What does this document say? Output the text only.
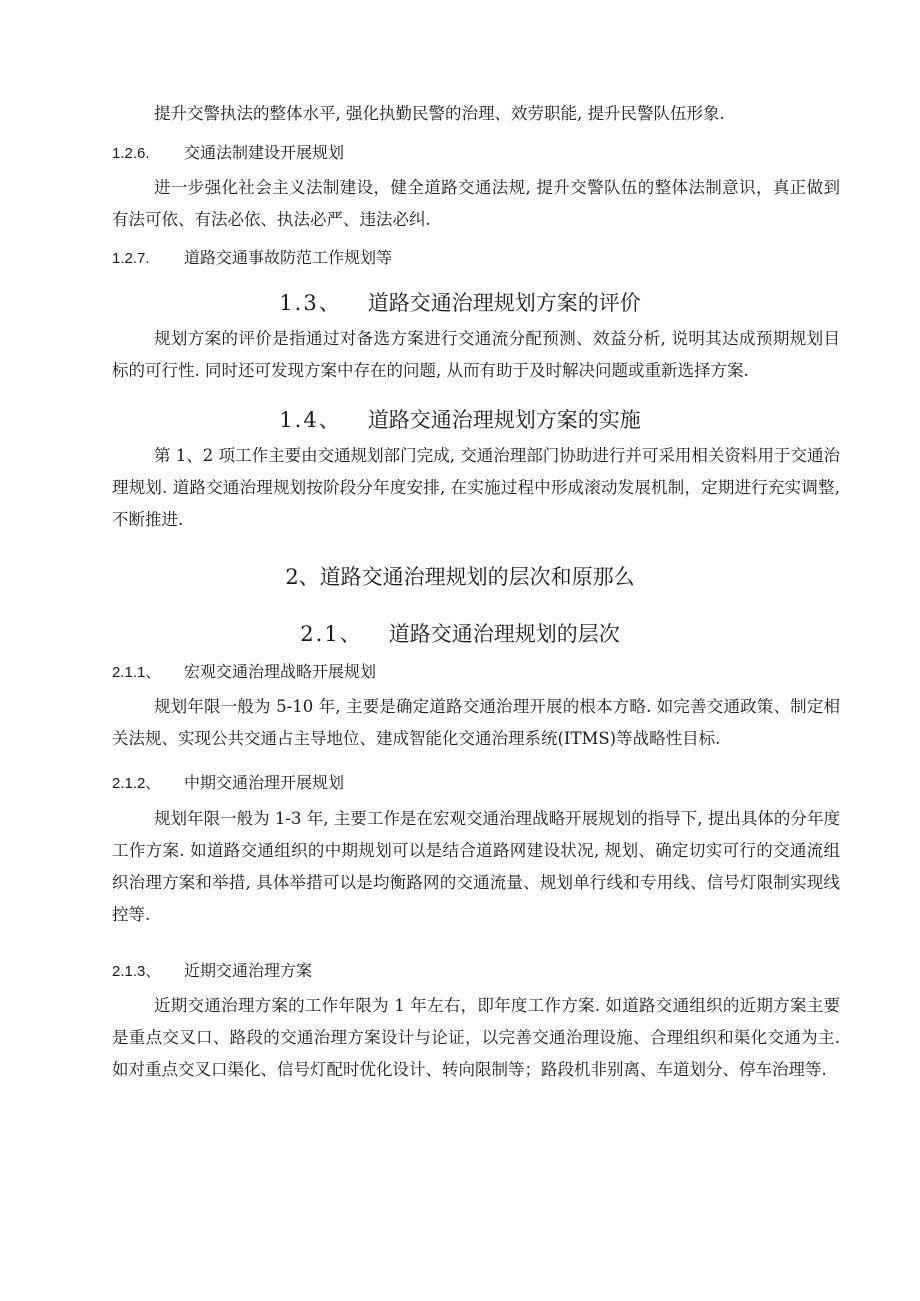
提升交警执法的整体水平, 强化执勤民警的治理、效劳职能, 提升民警队伍形象.

1.2.6. 交通法制建设开展规划

进一步强化社会主义法制建设，健全道路交通法规, 提升交警队伍的整体法制意识，真正做到有法可依、有法必依、执法必严、违法必纠.

1.2.7. 道路交通事故防范工作规划等
1.3、 道路交通治理规划方案的评价

规划方案的评价是指通过对备选方案进行交通流分配预测、效益分析, 说明其达成预期规划目标的可行性. 同时还可发现方案中存在的问题, 从而有助于及时解决问题或重新选择方案.

1.4、 道路交通治理规划方案的实施

第 1、2 项工作主要由交通规划部门完成, 交通治理部门协助进行并可采用相关资料用于交通治理规划. 道路交通治理规划按阶段分年度安排, 在实施过程中形成滚动发展机制，定期进行充实调整, 不断推进.

2、道路交通治理规划的层次和原那么
2.1、 道路交通治理规划的层次
2.1.1、 宏观交通治理战略开展规划

规划年限一般为 5-10 年, 主要是确定道路交通治理开展的根本方略. 如完善交通政策、制定相关法规、实现公共交通占主导地位、建成智能化交通治理系统(ITMS)等战略性目标.

2.1.2、 中期交通治理开展规划

规划年限一般为 1-3 年, 主要工作是在宏观交通治理战略开展规划的指导下, 提出具体的分年度工作方案. 如道路交通组织的中期规划可以是结合道路网建设状况, 规划、确定切实可行的交通流组织治理方案和举措, 具体举措可以是均衡路网的交通流量、规划单行线和专用线、信号灯限制实现线控等.

2.1.3、 近期交通治理方案

近期交通治理方案的工作年限为 1 年左右，即年度工作方案. 如道路交通组织的近期方案主要是重点交叉口、路段的交通治理方案设计与论证，以完善交通治理设施、合理组织和渠化交通为主. 如对重点交叉口渠化、信号灯配时优化设计、转向限制等；路段机非别离、车道划分、停车治理等.
